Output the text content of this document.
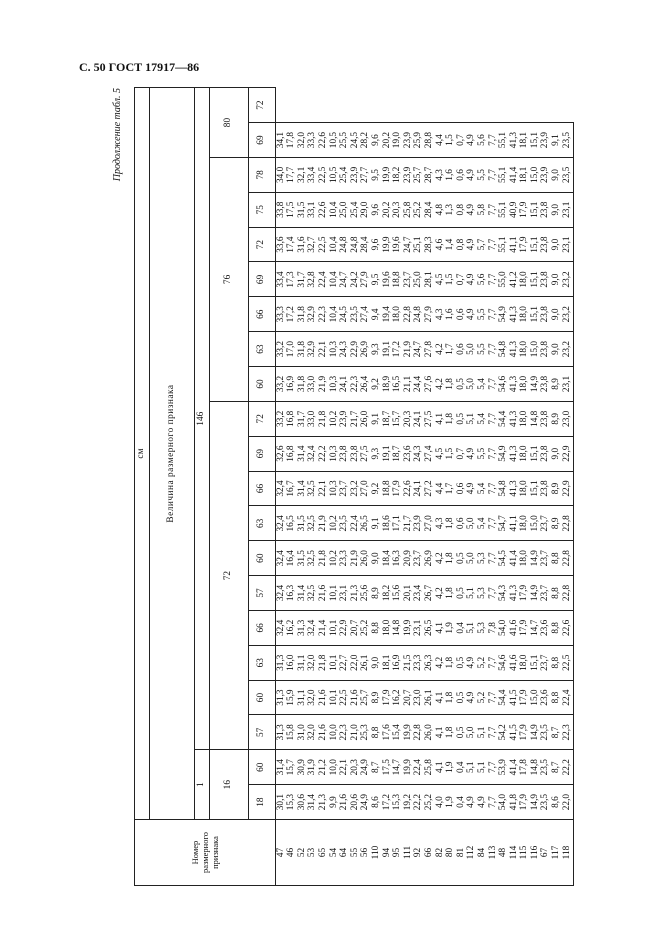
С. 50 ГОСТ 17917—86
Продолжение табл. 5
Номер размерного признака	см																				
	Величина размерного признака																				
	1		146																		
	16		72										76							80	
	18	60	57	60	63	66	57	60	63	66	69	72	60	63	66	69	72	75	78	69	72
47	30,1	31,4	31,3	31,3	31,3	32,4	32,4	32,4	32,4	32,4	32,6	33,2	33,2	33,2	33,3	33,4	33,6	33,8	34,0	34,1	
46	15,3	15,7	15,8	15,9	16,0	16,2	16,3	16,4	16,5	16,7	16,8	16,8	16,9	17,0	17,2	17,3	17,4	17,5	17,7	17,8	
52	30,6	30,9	31,0	31,1	31,1	31,3	31,4	31,5	31,5	31,4	31,4	31,7	31,8	31,8	31,8	31,7	31,6	31,5	32,1	32,0	
53	31,4	31,9	32,0	32,0	32,0	32,4	32,5	32,5	32,5	32,5	32,4	33,0	33,0	32,9	32,9	32,8	32,7	33,1	33,4	33,3	
65	21,3	21,2	21,6	21,6	21,8	21,4	21,6	21,8	21,9	22,1	22,2	21,8	21,9	22,1	22,3	22,4	22,5	22,6	22,5	22,6	
54	9,9	10,0	10,0	10,1	10,1	10,1	10,1	10,2	10,2	10,3	10,3	10,2	10,3	10,3	10,4	10,4	10,4	10,4	10,5	10,5	
64	21,6	22,1	22,3	22,5	22,7	22,9	23,1	23,3	23,5	23,7	23,8	23,9	24,1	24,3	24,5	24,7	24,8	25,0	25,4	25,5	
55	20,6	20,3	21,0	21,6	22,0	20,7	21,3	21,9	22,4	23,2	23,8	21,7	22,3	22,9	23,5	24,2	24,8	25,4	23,9	24,5	
56	24,9	24,9	25,3	25,7	26,1	25,2	25,6	26,0	26,5	27,0	27,5	26,0	26,4	26,9	27,4	27,9	28,4	29,0	27,7	28,2	
110	8,6	8,7	8,8	8,9	9,0	8,8	8,9	9,0	9,1	9,2	9,3	9,1	9,2	9,3	9,4	9,5	9,6	9,6	9,5	9,6	
94	17,2	17,5	17,6	17,9	18,1	18,0	18,2	18,4	18,6	18,8	19,1	18,7	18,9	19,1	19,4	19,6	19,9	20,2	19,9	20,2	
95	15,3	14,7	15,4	16,2	16,9	14,8	15,6	16,3	17,1	17,9	18,7	15,7	16,5	17,2	18,0	18,8	19,6	20,3	18,2	19,0	
111	19,2	19,9	19,9	20,7	21,5	19,9	20,1	20,9	21,7	22,6	23,6	20,3	21,1	21,9	22,8	23,7	24,7	25,8	23,9	23,9	
92	22,2	22,4	22,8	23,0	23,3	23,1	23,4	23,7	23,9	24,1	24,3	24,1	24,4	24,7	24,8	25,0	25,1	25,2	25,7	25,9	
66	25,2	25,8	26,0	26,1	26,3	26,5	26,7	26,9	27,0	27,2	27,4	27,5	27,6	27,8	27,9	28,1	28,3	28,4	28,7	28,8	
82	4,0	4,1	4,1	4,1	4,2	4,1	4,2	4,2	4,3	4,4	4,5	4,1	4,2	4,2	4,3	4,5	4,6	4,8	4,3	4,4	
80	1,9	1,9	1,8	1,8	1,8	1,9	1,8	1,8	1,8	1,7	1,5	1,8	1,8	1,7	1,6	1,5	1,4	1,3	1,6	1,5	
81	0,4	0,4	0,5	0,5	0,5	0,4	0,5	0,5	0,6	0,6	0,7	0,5	0,5	0,6	0,6	0,7	0,8	0,8	0,6	0,7	
112	4,9	5,1	5,0	4,9	4,9	5,1	5,1	5,0	5,0	4,9	4,9	5,1	5,0	5,0	4,9	4,9	4,9	4,9	4,9	4,9	
84	4,9	5,1	5,1	5,2	5,2	5,3	5,3	5,3	5,4	5,4	5,5	5,4	5,4	5,5	5,5	5,6	5,7	5,8	5,5	5,6	
113	7,7	7,7	7,7	7,7	7,7	7,8	7,7	7,7	7,7	7,7	7,7	7,7	7,7	7,7	7,7	7,7	7,7	7,7	7,7	7,7	
48	54,0	53,9	54,2	54,4	54,6	54,0	54,3	54,5	54,7	54,8	54,9	54,4	54,6	54,8	54,9	55,0	55,1	55,1	55,1	55,1	
114	41,8	41,4	41,5	41,5	41,6	41,6	41,3	41,4	41,1	41,3	41,3	41,3	41,3	41,3	41,3	41,2	41,1	40,9	41,4	41,3	
115	17,9	17,8	17,9	17,9	18,0	17,9	17,9	18,0	18,0	18,0	18,0	18,0	18,0	18,0	18,0	18,0	17,9	17,9	18,1	18,1	
116	14,9	14,8	14,9	15,0	15,1	14,7	14,9	14,9	15,0	15,1	15,1	14,8	14,9	15,0	15,1	15,1	15,1	15,1	15,0	15,1	
67	23,5	23,5	23,5	23,6	23,7	23,6	23,7	23,7	23,7	23,8	23,8	23,8	23,8	23,8	23,8	23,8	23,8	23,8	23,9	23,9	
117	8,6	8,7	8,7	8,8	8,8	8,8	8,8	8,8	8,9	8,9	9,0	8,9	8,9	9,0	9,0	9,0	9,0	9,0	9,0	9,1	
118	22,0	22,2	22,3	22,4	22,5	22,6	22,8	22,8	22,8	22,9	22,9	23,0	23,1	23,2	23,2	23,2	23,1	23,1	23,5	23,5	
